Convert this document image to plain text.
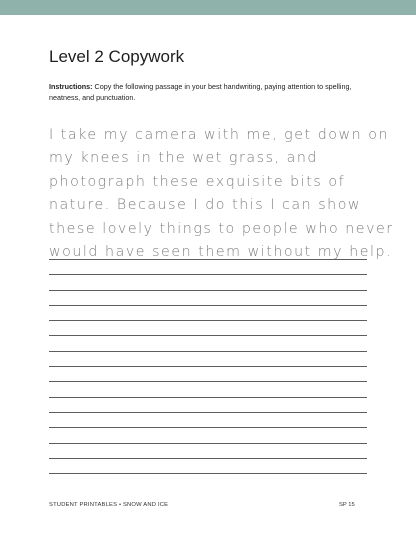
Level 2 Copywork
Instructions: Copy the following passage in your best handwriting, paying attention to spelling, neatness, and punctuation.
I take my camera with me, get down on
my knees in the wet grass, and
photograph these exquisite bits of
nature. Because I do this I can show
these lovely things to people who never
would have seen them without my help.
STUDENT PRINTABLES • SNOW AND ICE	SP 15
